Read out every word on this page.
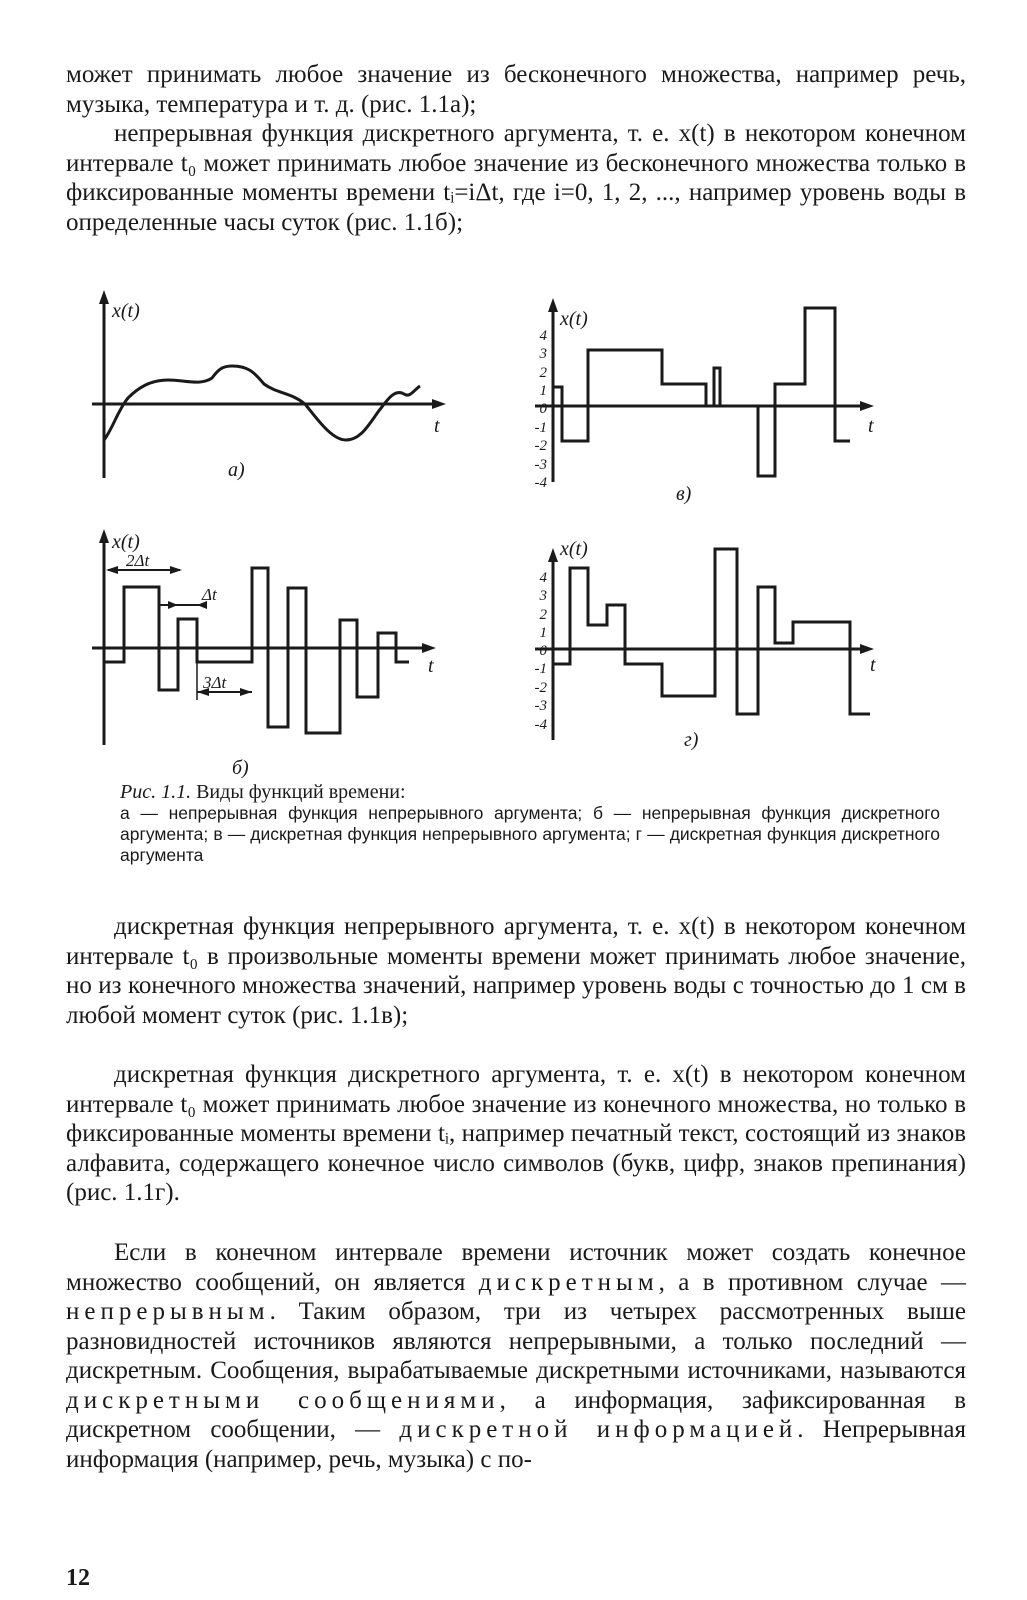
может принимать любое значение из бесконечного множества, например речь, музыка, температура и т. д. (рис. 1.1а);

непрерывная функция дискретного аргумента, т. е. x(t) в некотором конечном интервале t₀ может принимать любое значение из бесконечного множества только в фиксированные моменты времени tᵢ=iΔt, где i=0, 1, 2, ..., например уровень воды в определенные часы суток (рис. 1.1б);

x(t)
t
а)
x(t)
t
в)
x(t)
t
б)
2Δt
Δt
3Δt
x(t)
t
г)
4
3
2
1
0
-1
-2
-3
-4
4
3
2
1
0
-1
-2
-3
-4

Рис. 1.1. Виды функций времени:
а — непрерывная функция непрерывного аргумента; б — непрерывная функция дискретного аргумента; в — дискретная функция непрерывного аргумента; г — дискретная функция дискретного аргумента

дискретная функция непрерывного аргумента, т. е. x(t) в некотором конечном интервале t₀ в произвольные моменты времени может принимать любое значение, но из конечного множества значений, например уровень воды с точностью до 1 см в любой момент суток (рис. 1.1в);

дискретная функция дискретного аргумента, т. е. x(t) в некотором конечном интервале t₀ может принимать любое значение из конечного множества, но только в фиксированные моменты времени tᵢ, например печатный текст, состоящий из знаков алфавита, содержащего конечное число символов (букв, цифр, знаков препинания) (рис. 1.1г).

Если в конечном интервале времени источник может создать конечное множество сообщений, он является дискретным, а в противном случае — непрерывным. Таким образом, три из четырех рассмотренных выше разновидностей источников являются непрерывными, а только последний — дискретным. Сообщения, вырабатываемые дискретными источниками, называются дискретными сообщениями, а информация, зафиксированная в дискретном сообщении, — дискретной информацией. Непрерывная информация (например, речь, музыка) с по-

12
